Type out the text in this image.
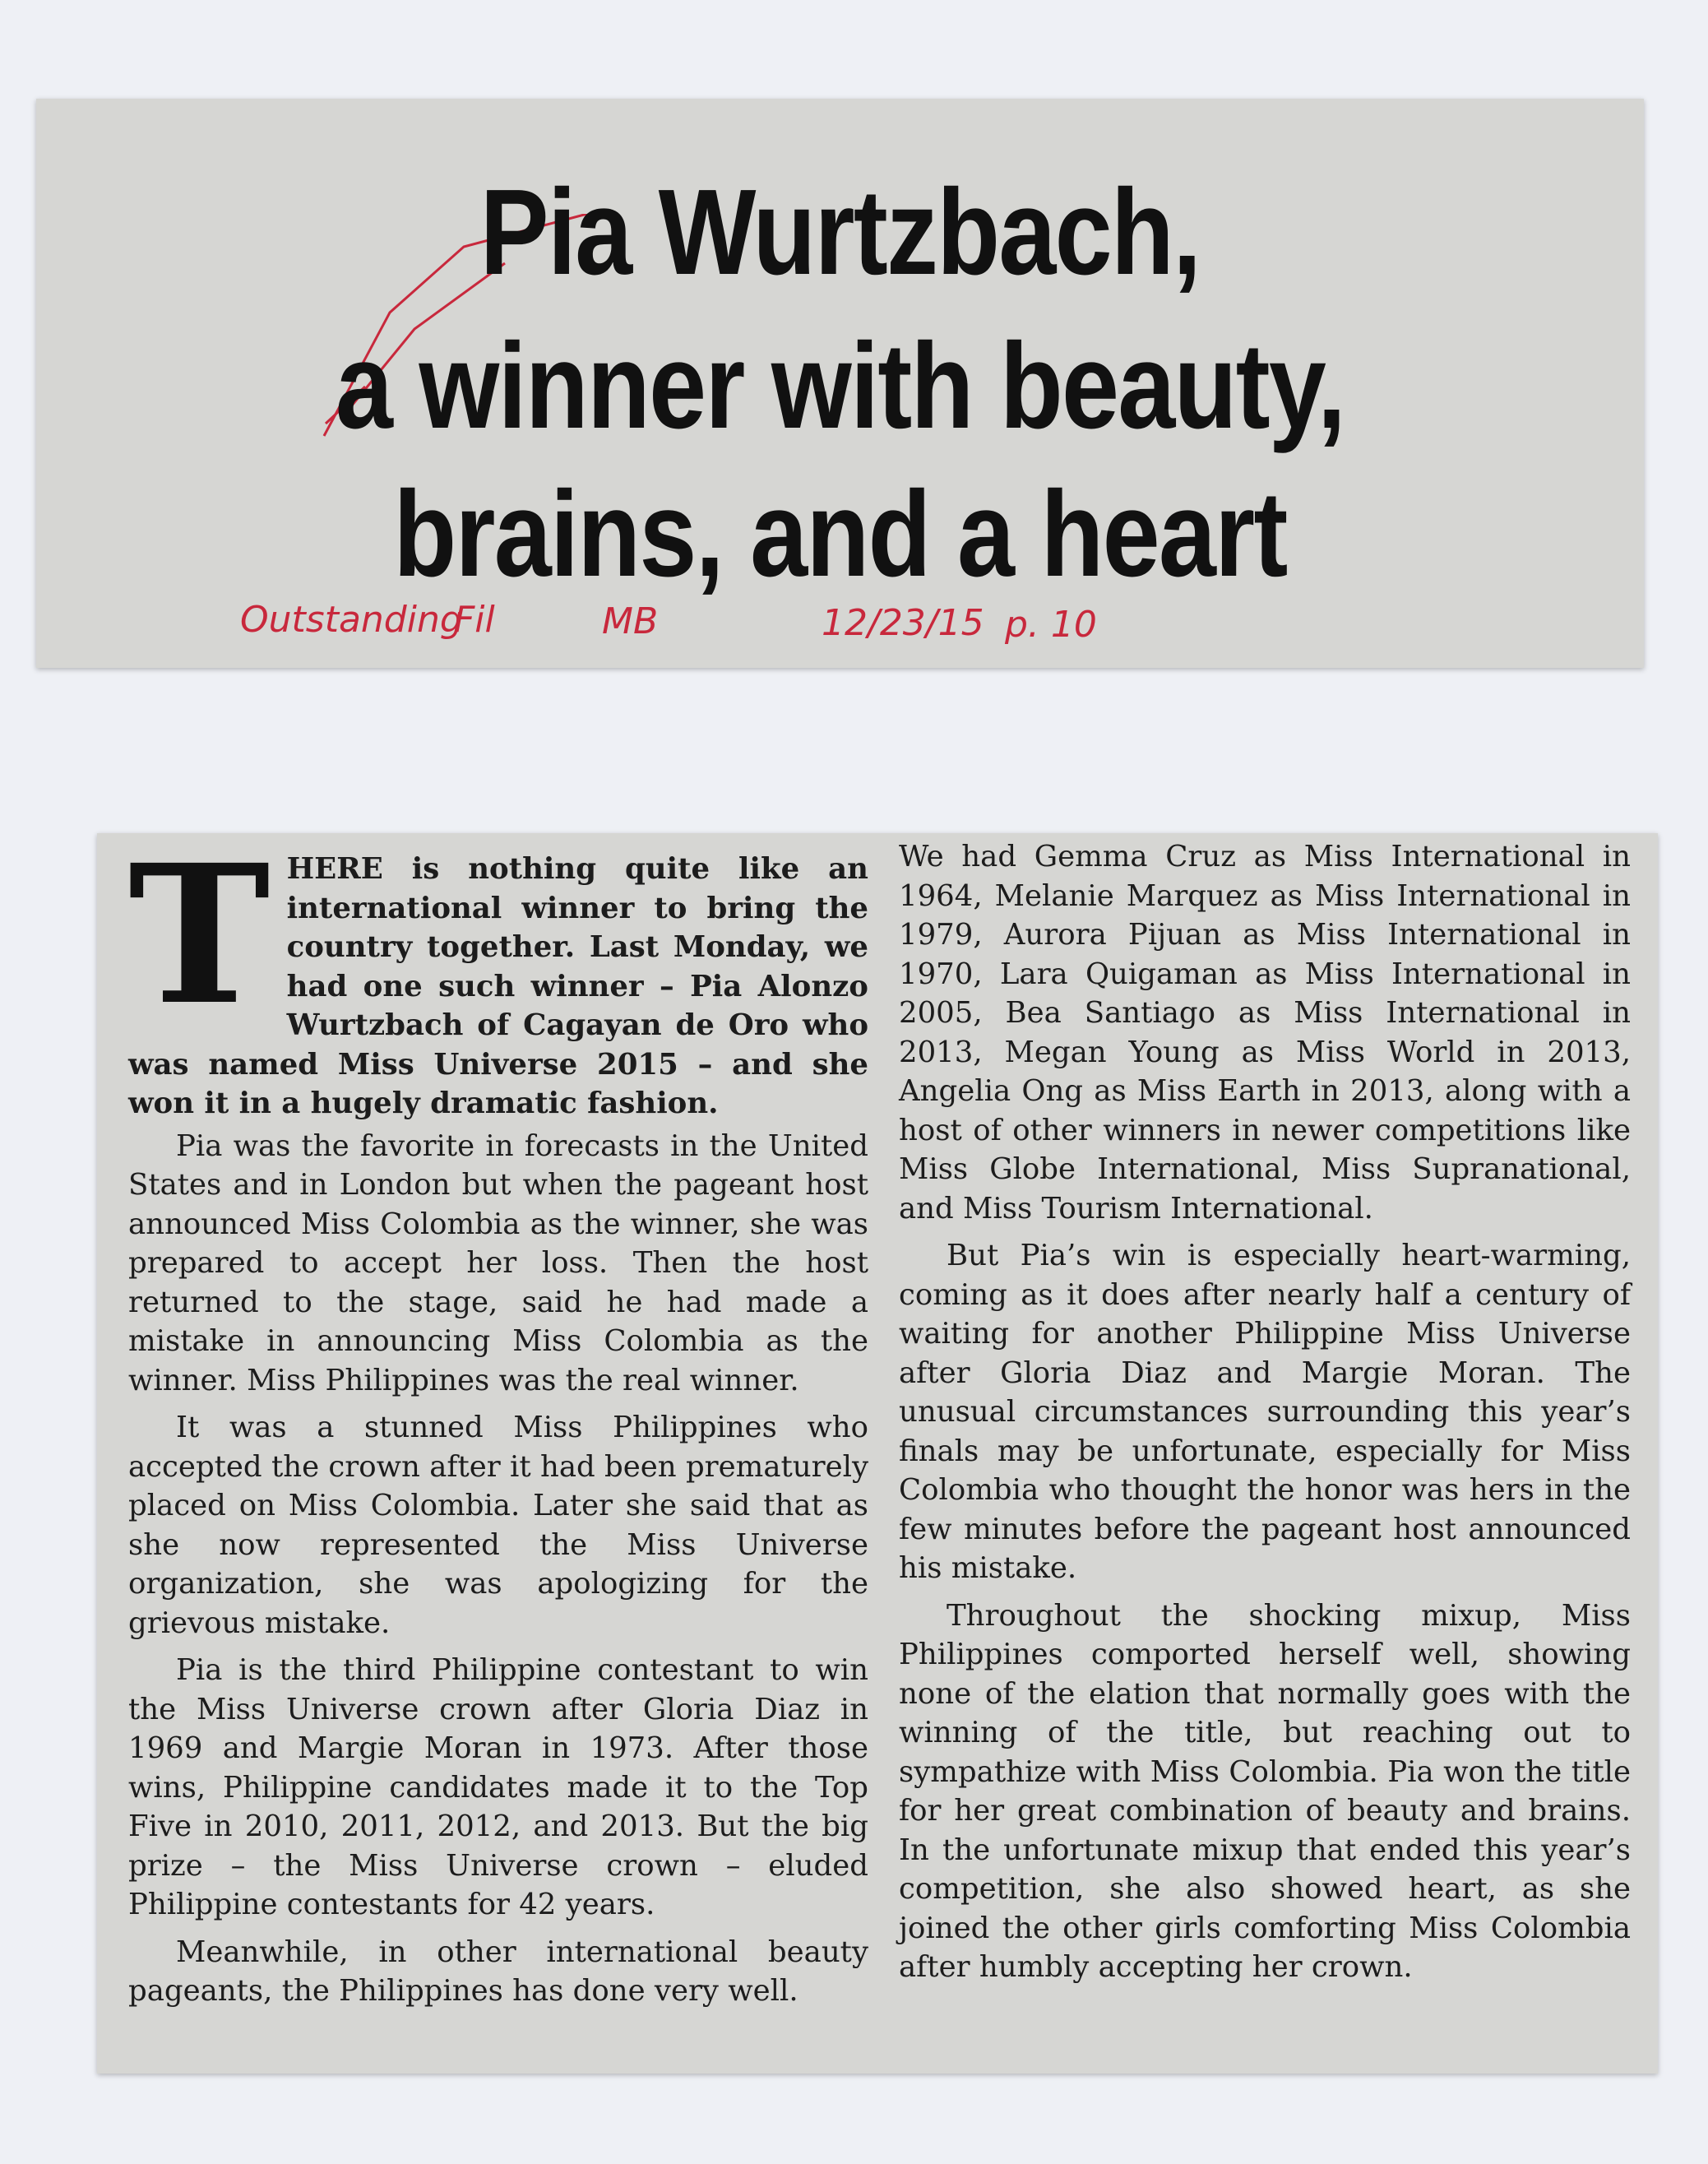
Pia Wurtzbach,
a winner with beauty,
brains, and a heart
Outstanding
Fil	MB	12/23/15 p. 10

THERE is nothing quite like an international winner to bring the country together. Last Monday, we had one such winner – Pia Alonzo Wurtzbach of Cagayan de Oro who was named Miss Universe 2015 – and she won it in a hugely dramatic fashion.

Pia was the favorite in forecasts in the United States and in London but when the pageant host announced Miss Colombia as the winner, she was prepared to accept her loss. Then the host returned to the stage, said he had made a mistake in announcing Miss Colombia as the winner. Miss Philippines was the real winner.

It was a stunned Miss Philippines who accepted the crown after it had been prematurely placed on Miss Colombia. Later she said that as she now represented the Miss Universe organization, she was apologizing for the grievous mistake.

Pia is the third Philippine contestant to win the Miss Universe crown after Gloria Diaz in 1969 and Margie Moran in 1973. After those wins, Philippine candidates made it to the Top Five in 2010, 2011, 2012, and 2013. But the big prize – the Miss Universe crown – eluded Philippine contestants for 42 years.

Meanwhile, in other international beauty pageants, the Philippines has done very well.

We had Gemma Cruz as Miss International in 1964, Melanie Marquez as Miss International in 1979, Aurora Pijuan as Miss International in 1970, Lara Quigaman as Miss International in 2005, Bea Santiago as Miss International in 2013, Megan Young as Miss World in 2013, Angelia Ong as Miss Earth in 2013, along with a host of other winners in newer competitions like Miss Globe International, Miss Supranational, and Miss Tourism International.

But Pia’s win is especially heart-warming, coming as it does after nearly half a century of waiting for another Philippine Miss Universe after Gloria Diaz and Margie Moran. The unusual circumstances surrounding this year’s finals may be unfortunate, especially for Miss Colombia who thought the honor was hers in the few minutes before the pageant host announced his mistake.

Throughout the shocking mixup, Miss Philippines comported herself well, showing none of the elation that normally goes with the winning of the title, but reaching out to sympathize with Miss Colombia. Pia won the title for her great combination of beauty and brains. In the unfortunate mixup that ended this year’s competition, she also showed heart, as she joined the other girls comforting Miss Colombia after humbly accepting her crown.
